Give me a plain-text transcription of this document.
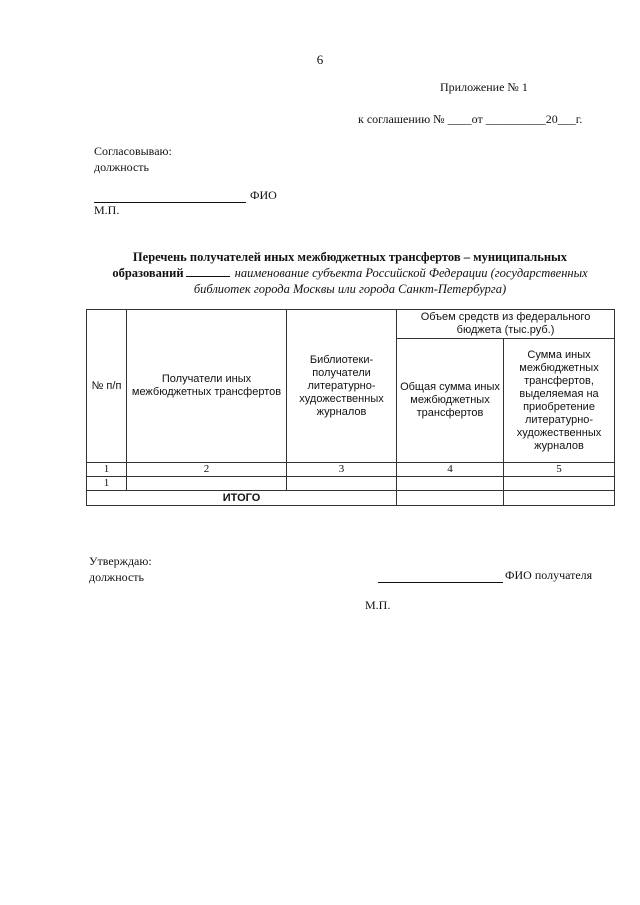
6
Приложение № 1
к соглашению № ____от __________20___г.
Согласовываю:
должность
ФИО
М.П.
Перечень получателей иных межбюджетных трансфертов – муниципальных
образований	наименование субъекта Российской Федерации (государственных библиотек города Москвы или города Санкт-Петербурга)
№ п/п	Получатели иных межбюджетных трансфертов	Библиотеки-получатели литературно-художественных журналов	Объем средств из федерального бюджета (тыс.руб.)	
			Общая сумма иных межбюджетных трансфертов	Сумма иных межбюджетных трансфертов, выделяемая на приобретение литературно-художественных журналов
1	2	3	4	5
1				
ИТОГО				
Утверждаю:
должность	ФИО получателя
М.П.
